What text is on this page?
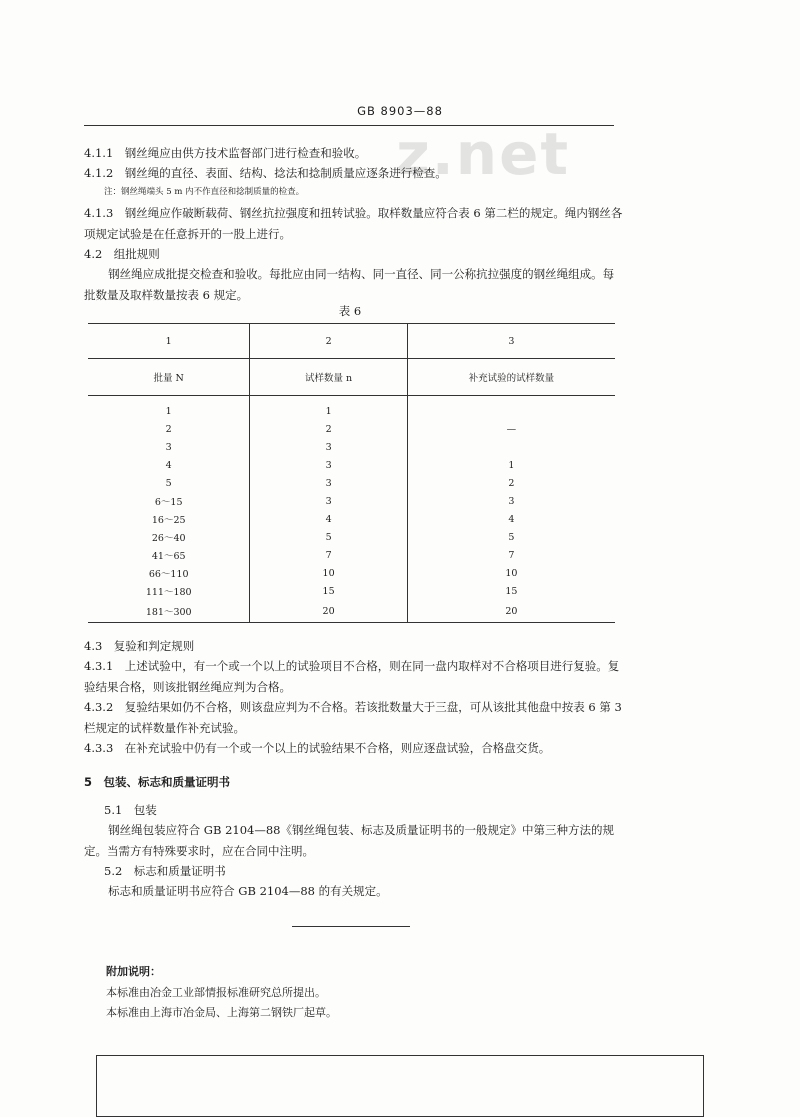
GB 8903—88
z.net
4.1.1　钢丝绳应由供方技术监督部门进行检查和验收。
4.1.2　钢丝绳的直径、表面、结构、捻法和捻制质量应逐条进行检查。
注：钢丝绳端头 5 m 内不作直径和捻制质量的检查。
4.1.3　钢丝绳应作破断载荷、钢丝抗拉强度和扭转试验。取样数量应符合表 6 第二栏的规定。绳内钢丝各项规定试验是在任意拆开的一股上进行。
4.2　组批规则
钢丝绳应成批提交检查和验收。每批应由同一结构、同一直径、同一公称抗拉强度的钢丝绳组成。每批数量及取样数量按表 6 规定。
表 6
1	2	3
批量 N	试样数量 n	补充试验的试样数量
1	1	
2	2	—
3	3	
4	3	1
5	3	2
6～15	3	3
16～25	4	4
26～40	5	5
41～65	7	7
66～110	10	10
111～180	15	15
181～300	20	20
4.3　复验和判定规则
4.3.1　上述试验中，有一个或一个以上的试验项目不合格，则在同一盘内取样对不合格项目进行复验。复验结果合格，则该批钢丝绳应判为合格。
4.3.2　复验结果如仍不合格，则该盘应判为不合格。若该批数量大于三盘，可从该批其他盘中按表 6 第 3 栏规定的试样数量作补充试验。
4.3.3　在补充试验中仍有一个或一个以上的试验结果不合格，则应逐盘试验，合格盘交货。
5　包装、标志和质量证明书
5.1　包装
钢丝绳包装应符合 GB 2104—88《钢丝绳包装、标志及质量证明书的一般规定》中第三种方法的规定。当需方有特殊要求时，应在合同中注明。
5.2　标志和质量证明书
标志和质量证明书应符合 GB 2104—88 的有关规定。
附加说明：
本标准由冶金工业部情报标准研究总所提出。
本标准由上海市冶金局、上海第二钢铁厂起草。
